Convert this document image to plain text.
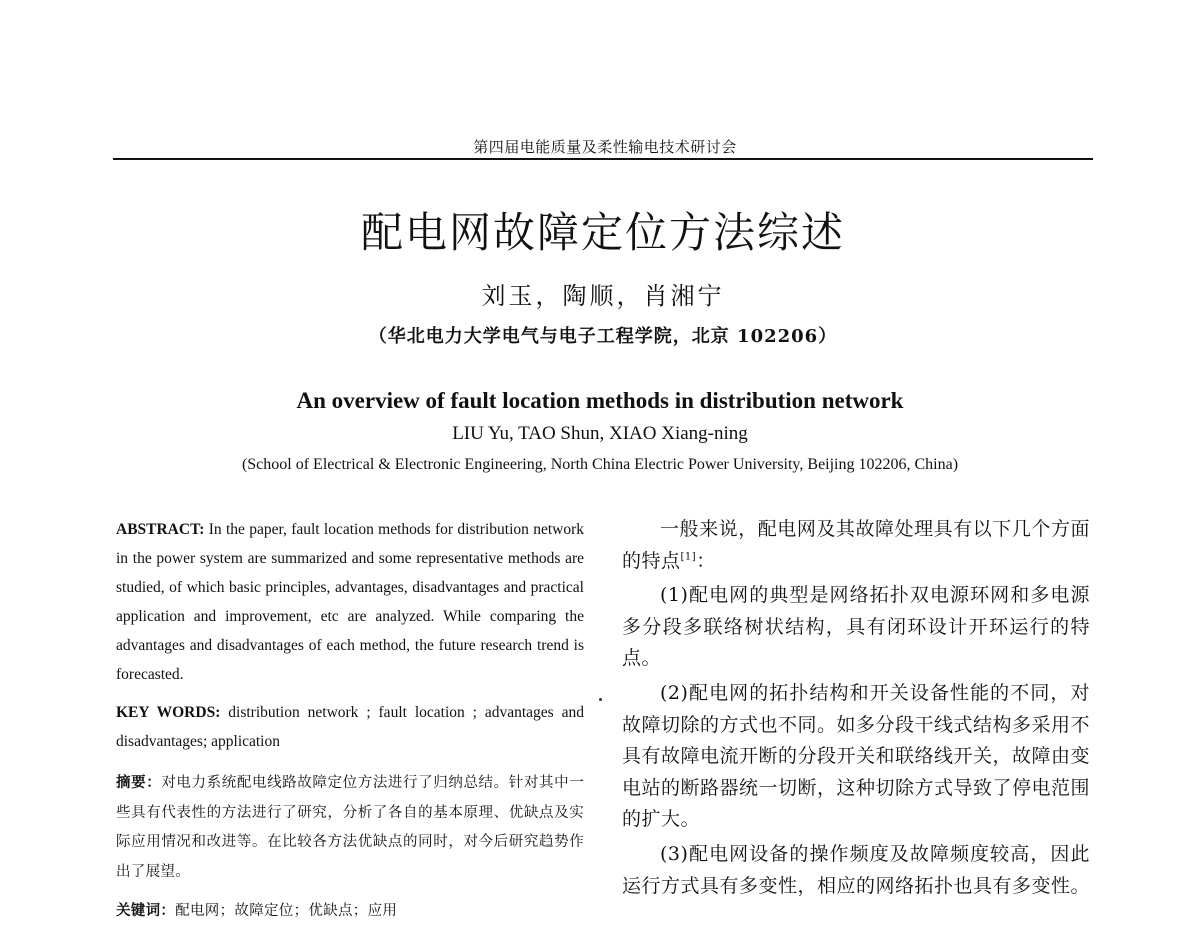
第四届电能质量及柔性输电技术研讨会
配电网故障定位方法综述
刘玉，陶顺，肖湘宁
（华北电力大学电气与电子工程学院，北京 102206）
An overview of fault location methods in distribution network
LIU Yu, TAO Shun, XIAO Xiang-ning
(School of Electrical & Electronic Engineering, North China Electric Power University, Beijing 102206, China)

ABSTRACT: In the paper, fault location methods for distribution network in the power system are summarized and some representative methods are studied, of which basic principles, advantages, disadvantages and practical application and improvement, etc are analyzed. While comparing the advantages and disadvantages of each method, the future research trend is forecasted.

KEY WORDS: distribution network ; fault location ; advantages and disadvantages; application

摘要：对电力系统配电线路故障定位方法进行了归纳总结。针对其中一些具有代表性的方法进行了研究，分析了各自的基本原理、优缺点及实际应用情况和改进等。在比较各方法优缺点的同时，对今后研究趋势作出了展望。

关键词：配电网；故障定位；优缺点；应用

一般来说，配电网及其故障处理具有以下几个方面的特点[1]：

(1)配电网的典型是网络拓扑双电源环网和多电源多分段多联络树状结构，具有闭环设计开环运行的特点。

(2)配电网的拓扑结构和开关设备性能的不同，对故障切除的方式也不同。如多分段干线式结构多采用不具有故障电流开断的分段开关和联络线开关，故障由变电站的断路器统一切断，这种切除方式导致了停电范围的扩大。

(3)配电网设备的操作频度及故障频度较高，因此运行方式具有多变性，相应的网络拓扑也具有多变性。
